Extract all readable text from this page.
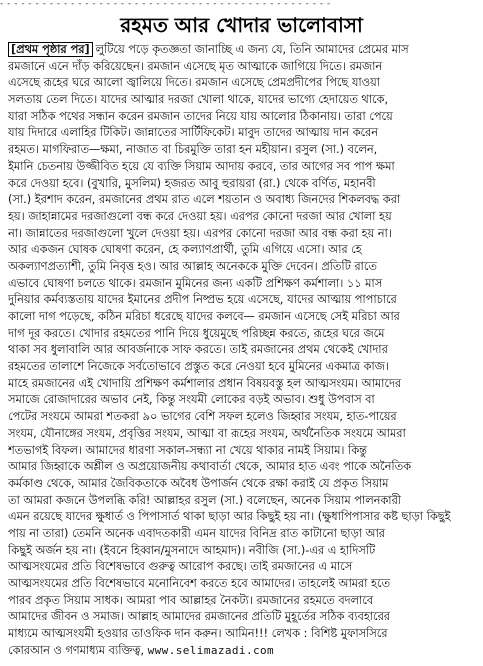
- - - - - - - - - - - - - - - - - - - - - - - - - - - - - - - - - - - - - - - - - - - - - - -
রহমত আর খোদার ভালোবাসা
[প্রথম পৃষ্ঠার পর] লুটিয়ে পড়ে কৃতজ্ঞতা জানাচ্ছি এ জন্য যে, তিনি আমাদের প্রেমের মাস
রমজানে এনে দাঁড় করিয়েছেন। রমজান এসেছে মৃত আত্মাকে জাগিয়ে দিতে। রমজান
এসেছে রূহের ঘরে আলো জ্বালিয়ে দিতে। রমজান এসেছে প্রেমপ্রদীপের পিছে যাওয়া
সলতায় তেল দিতে। যাদের আত্মার দরজা খোলা থাকে, যাদের ভাগ্যে হেদায়েত থাকে,
যারা সঠিক পথের সন্ধান করেন রমজান তাদের নিয়ে যায় আলোর ঠিকানায়। তারা পেয়ে
যায় দিদারে এলাহির টিকিট। জান্নাতের সার্টিফিকেট। মাবুদ তাদের আত্মায় দান করেন
রহমত। মাগফিরাত—ক্ষমা, নাজাত বা চিরমুক্তি তারা হন মহীয়ান। রসুল (সা.) বলেন,
ইমানি চেতনায় উজ্জীবিত হয়ে যে ব্যক্তি সিয়াম আদায় করবে, তার আগের সব পাপ ক্ষমা
করে দেওয়া হবে। (বুখারি, মুসলিম) হজরত আবু হুরায়রা (রা.) থেকে বর্ণিত, মহানবী
(সা.) ইরশাদ করেন, রমজানের প্রথম রাত এলে শয়তান ও অবাধ্য জিনদের শিকলবদ্ধ করা
হয়। জাহান্নামের দরজাগুলো বন্ধ করে দেওয়া হয়। এরপর কোনো দরজা আর খোলা হয়
না। জান্নাতের দরজাগুলো খুলে দেওয়া হয়। এরপর কোনো দরজা আর বন্ধ করা হয় না।
আর একজন ঘোষক ঘোষণা করেন, হে কল্যাণপ্রার্থী, তুমি এগিয়ে এসো। আর হে
অকল্যাণপ্রত্যাশী, তুমি নিবৃত্ত হও। আর আল্লাহ অনেককে মুক্তি দেবেন। প্রতিটি রাতে
এভাবে ঘোষণা চলতে থাকে। রমজান মুমিনের জন্য একটি প্রশিক্ষণ কর্মশালা। ১১ মাস
দুনিয়ার কর্মব্যস্ততায় যাদের ইমানের প্রদীপ নিষ্প্রভ হয়ে এসেছে, যাদের আত্মায় পাপাচারে
কালো দাগ পড়েছে, কঠিন মরিচা ধরেছে যাদের কলবে— রমজান এসেছে সেই মরিচা আর
দাগ দূর করতে। খোদার রহমতের পানি দিয়ে ধুয়েমুছে পরিচ্ছন্ন করতে, রূহের ঘরে জমে
থাকা সব ধুলাবালি আর আবর্জনাকে সাফ করতে। তাই রমজানের প্রথম থেকেই খোদার
রহমতের তালাশে নিজেকে সর্বতোভাবে প্রস্তুত করে নেওয়া হবে মুমিনের একমাত্র কাজ।
মাহে রমজানের এই খোদায়ি প্রশিক্ষণ কর্মশালার প্রধান বিষয়বস্তু হল আত্মসংযম। আমাদের
সমাজে রোজাদারের অভাব নেই, কিন্তু সংযমী লোকের বড়ই অভাব। শুধু উপবাস বা
পেটের সংযমে আমরা শতকরা ৯০ ভাগের বেশি সফল হলেও জিহ্বার সংযম, হাত-পায়ের
সংযম, যৌনাঙ্গের সংযম, প্রবৃত্তির সংযম, আত্মা বা রূহের সংযম, অর্থনৈতিক সংযমে আমরা
শতভাগই বিফল। আমাদের ধারণা সকাল-সন্ধ্যা না খেয়ে থাকার নামই সিয়াম। কিন্তু
আমার জিহ্বাকে অশ্লীল ও অপ্রয়োজনীয় কথাবার্তা থেকে, আমার হাত এবং পাকে অনৈতিক
কর্মকাণ্ড থেকে, আমার জৈবিকতাকে অবৈধ উপার্জন থেকে রক্ষা করাই যে প্রকৃত সিয়াম
তা আমরা কজনে উপলব্ধি করি! আল্লাহর রসুল (সা.) বলেছেন, অনেক সিয়াম পালনকারী
এমন রয়েছে যাদের ক্ষুধার্ত ও পিপাসার্ত থাকা ছাড়া আর কিছুই হয় না। (ক্ষুধাপিপাসার কষ্ট ছাড়া কিছুই
পায় না তারা) তেমনি অনেক এবাদতকারী এমন যাদের বিনিদ্র রাত কাটানো ছাড়া আর
কিছুই অর্জন হয় না। (ইবনে হিব্বান/মুসনাদে আহমাদ)। নবীজি (সা.)-এর এ হাদিসটি
আত্মসংযমের প্রতি বিশেষভাবে গুরুত্ব আরোপ করছে। তাই রমজানের এ মাসে
আত্মসংযমের প্রতি বিশেষভাবে মনোনিবেশ করতে হবে আমাদের। তাহলেই আমরা হতে
পারব প্রকৃত সিয়াম সাধক। আমরা পাব আল্লাহর নৈকট্য। রমজানের রহমতে বদলাবে
আমাদের জীবন ও সমাজ। আল্লাহ আমাদের রমজানের প্রতিটি মুহূর্তের সঠিক ব্যবহারের
মাধ্যমে আত্মসংযমী হওয়ার তাওফিক দান করুন। আমিন!!! লেখক : বিশিষ্ট মুফাসসিরে
কোরআন ও গণমাধ্যম ব্যক্তিত্ব, www.selimazadi.com
